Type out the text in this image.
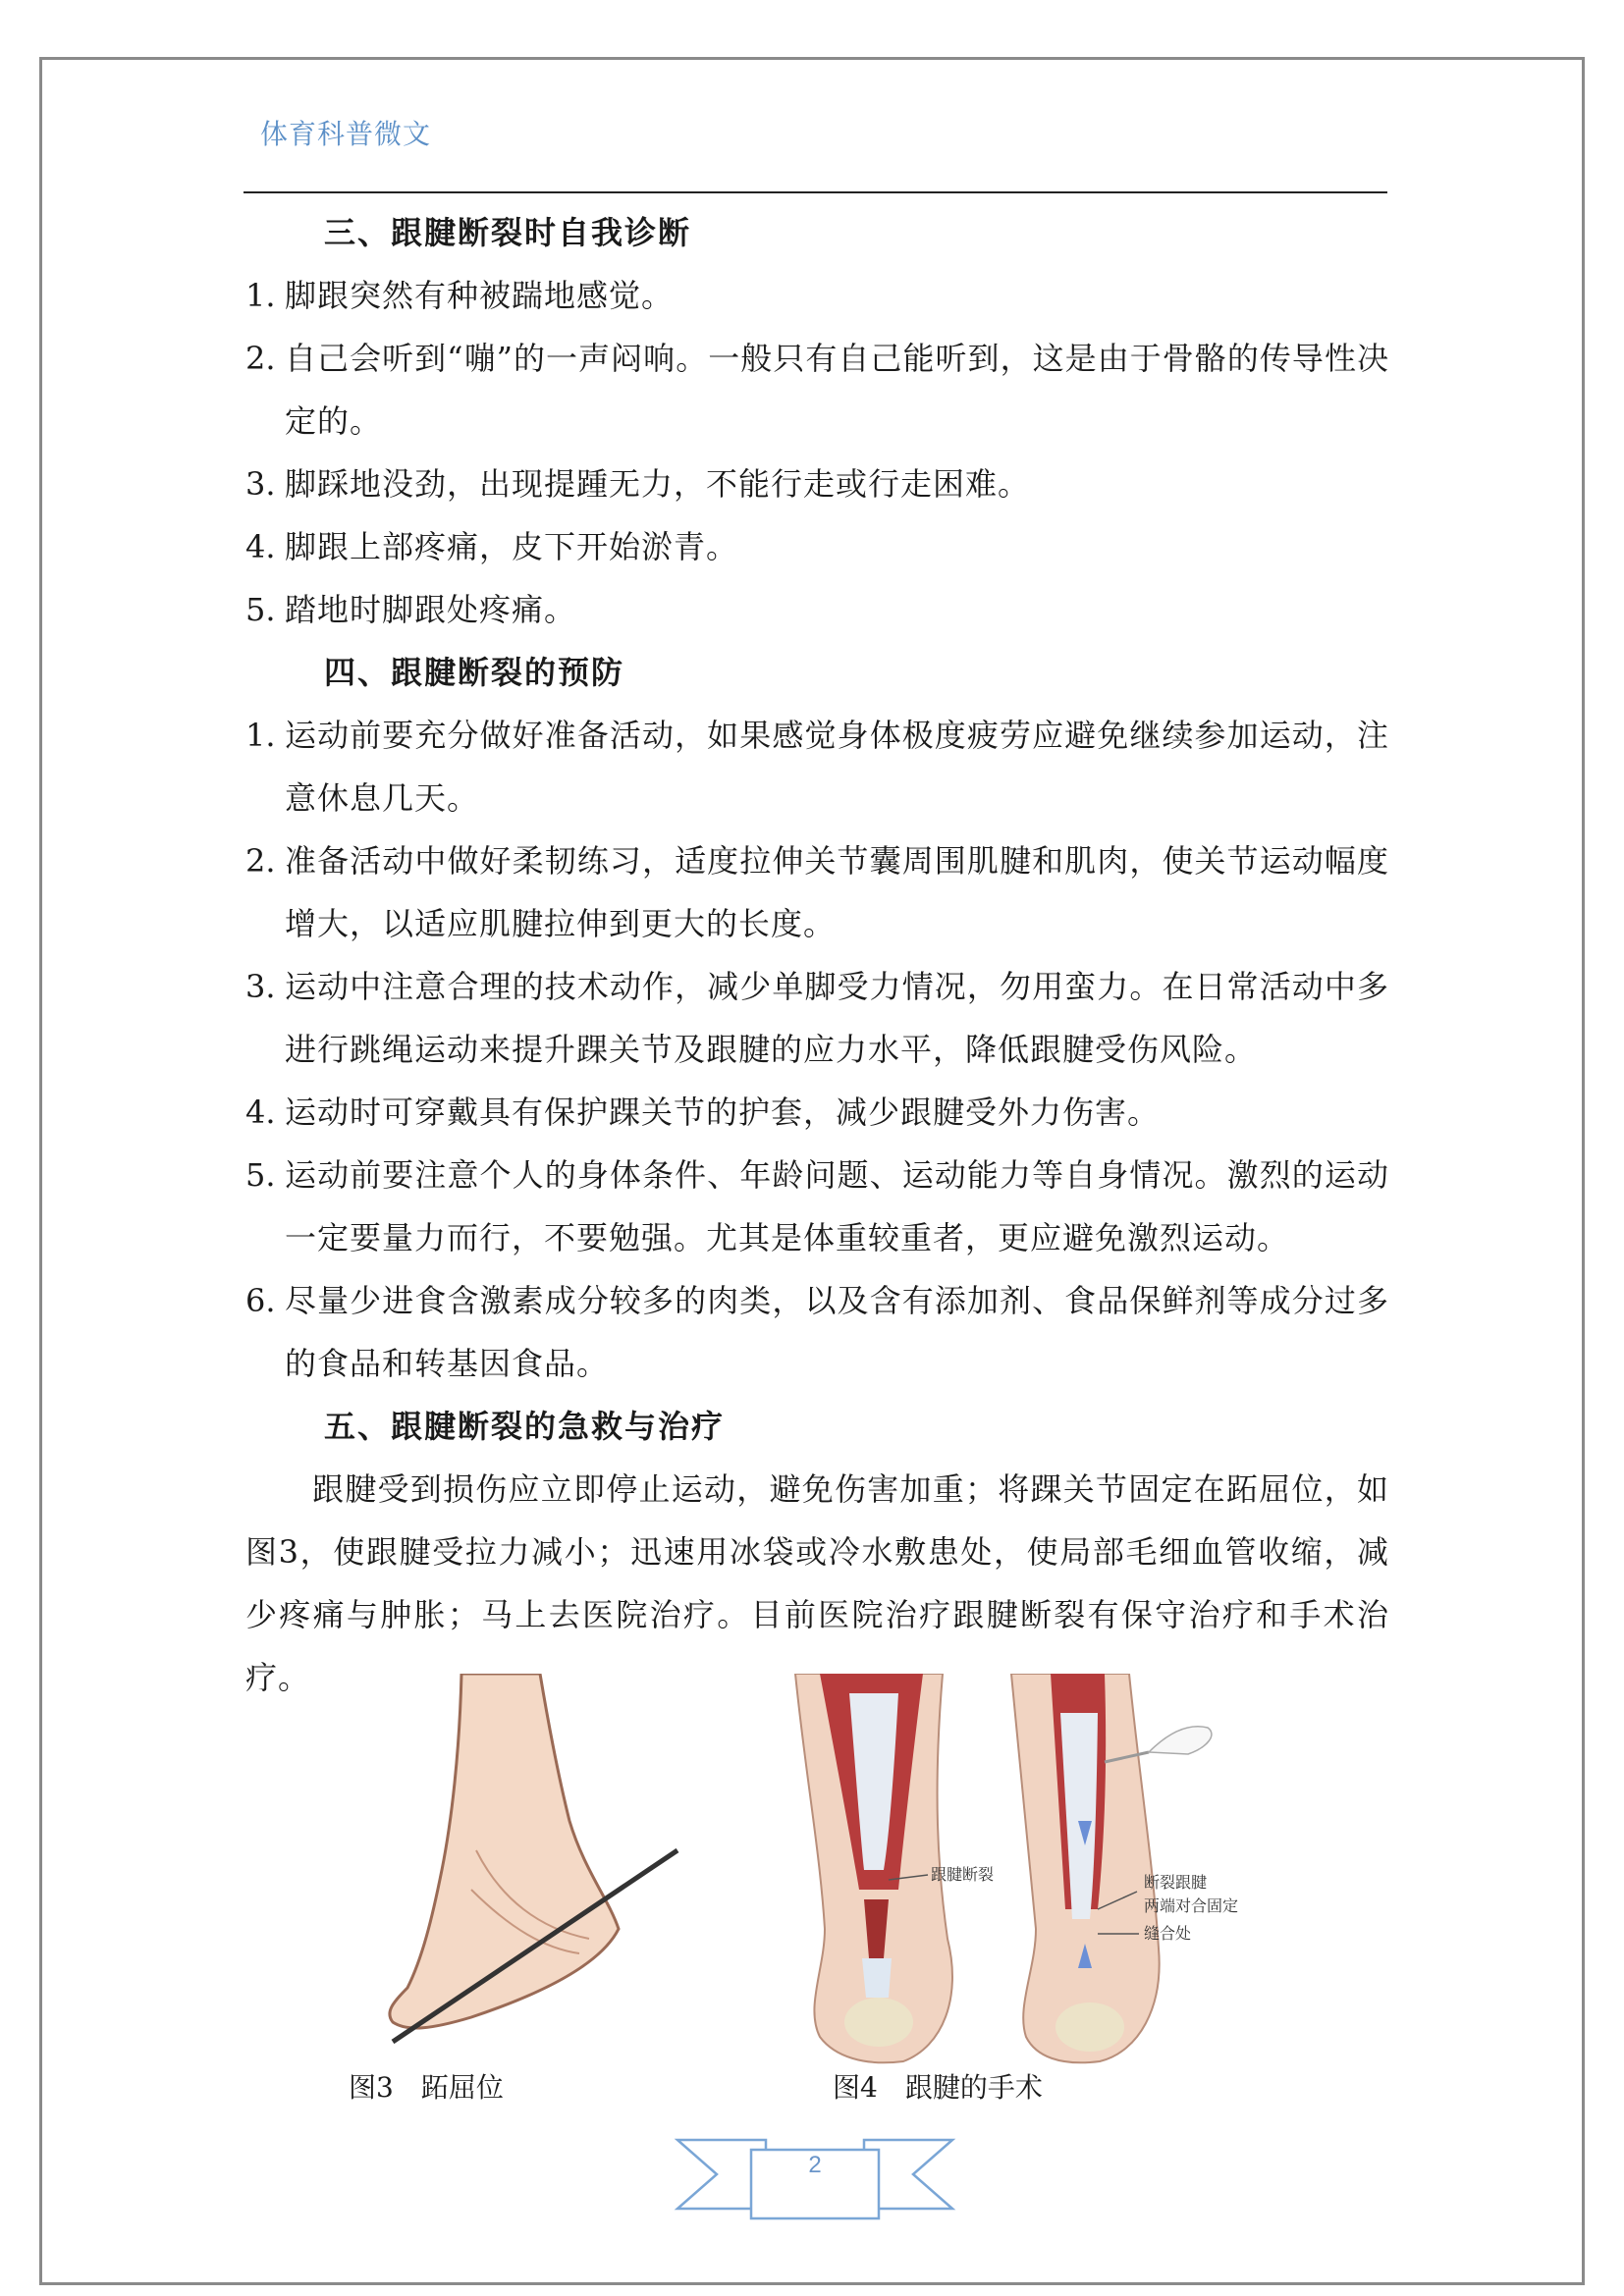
体育科普微文
三、跟腱断裂时自我诊断
1. 脚跟突然有种被踹地感觉。
2. 自己会听到“嘣”的一声闷响。一般只有自己能听到，这是由于骨骼的传导性决定的。
3. 脚踩地没劲，出现提踵无力，不能行走或行走困难。
4. 脚跟上部疼痛，皮下开始淤青。
5. 踏地时脚跟处疼痛。
四、跟腱断裂的预防
1. 运动前要充分做好准备活动，如果感觉身体极度疲劳应避免继续参加运动，注意休息几天。
2. 准备活动中做好柔韧练习，适度拉伸关节囊周围肌腱和肌肉，使关节运动幅度增大，以适应肌腱拉伸到更大的长度。
3. 运动中注意合理的技术动作，减少单脚受力情况，勿用蛮力。在日常活动中多进行跳绳运动来提升踝关节及跟腱的应力水平，降低跟腱受伤风险。
4. 运动时可穿戴具有保护踝关节的护套，减少跟腱受外力伤害。
5. 运动前要注意个人的身体条件、年龄问题、运动能力等自身情况。激烈的运动一定要量力而行，不要勉强。尤其是体重较重者，更应避免激烈运动。
6. 尽量少进食含激素成分较多的肉类，以及含有添加剂、食品保鲜剂等成分过多的食品和转基因食品。
五、跟腱断裂的急救与治疗
跟腱受到损伤应立即停止运动，避免伤害加重；将踝关节固定在跖屈位，如图3，使跟腱受拉力减小；迅速用冰袋或冷水敷患处，使局部毛细血管收缩，减少疼痛与肿胀；马上去医院治疗。目前医院治疗跟腱断裂有保守治疗和手术治疗。
跟腱断裂	断裂跟腱
两端对合固定
缝合处
图3　跖屈位	图4　跟腱的手术
2
